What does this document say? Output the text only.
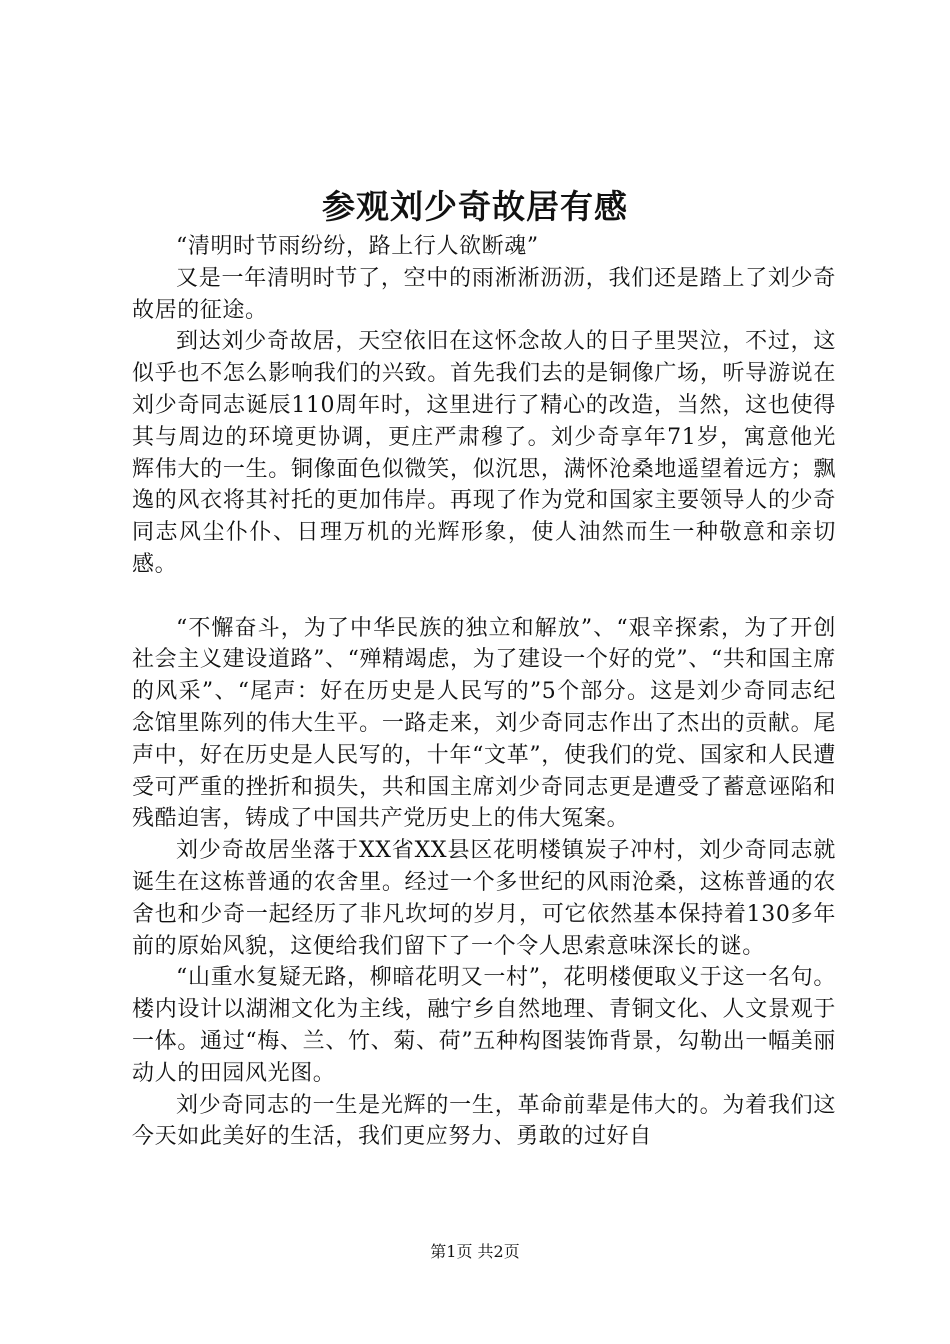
参观刘少奇故居有感

“清明时节雨纷纷，路上行人欲断魂”

又是一年清明时节了，空中的雨淅淅沥沥，我们还是踏上了刘少奇故居的征途。

到达刘少奇故居，天空依旧在这怀念故人的日子里哭泣，不过，这似乎也不怎么影响我们的兴致。首先我们去的是铜像广场，听导游说在刘少奇同志诞辰110周年时，这里进行了精心的改造，当然，这也使得其与周边的环境更协调，更庄严肃穆了。刘少奇享年71岁，寓意他光辉伟大的一生。铜像面色似微笑，似沉思，满怀沧桑地遥望着远方；飘逸的风衣将其衬托的更加伟岸。再现了作为党和国家主要领导人的少奇同志风尘仆仆、日理万机的光辉形象，使人油然而生一种敬意和亲切感。

“不懈奋斗，为了中华民族的独立和解放”、“艰辛探索，为了开创社会主义建设道路”、“殚精竭虑，为了建设一个好的党”、“共和国主席的风采”、“尾声：好在历史是人民写的”5个部分。这是刘少奇同志纪念馆里陈列的伟大生平。一路走来，刘少奇同志作出了杰出的贡献。尾声中，好在历史是人民写的，十年“文革”，使我们的党、国家和人民遭受可严重的挫折和损失，共和国主席刘少奇同志更是遭受了蓄意诬陷和残酷迫害，铸成了中国共产党历史上的伟大冤案。

刘少奇故居坐落于XX省XX县区花明楼镇炭子冲村，刘少奇同志就诞生在这栋普通的农舍里。经过一个多世纪的风雨沧桑，这栋普通的农舍也和少奇一起经历了非凡坎坷的岁月，可它依然基本保持着130多年前的原始风貌，这便给我们留下了一个令人思索意味深长的谜。

“山重水复疑无路，柳暗花明又一村”，花明楼便取义于这一名句。楼内设计以湖湘文化为主线，融宁乡自然地理、青铜文化、人文景观于一体。通过“梅、兰、竹、菊、荷”五种构图装饰背景，勾勒出一幅美丽动人的田园风光图。

刘少奇同志的一生是光辉的一生，革命前辈是伟大的。为着我们这今天如此美好的生活，我们更应努力、勇敢的过好自

第1页 共2页
